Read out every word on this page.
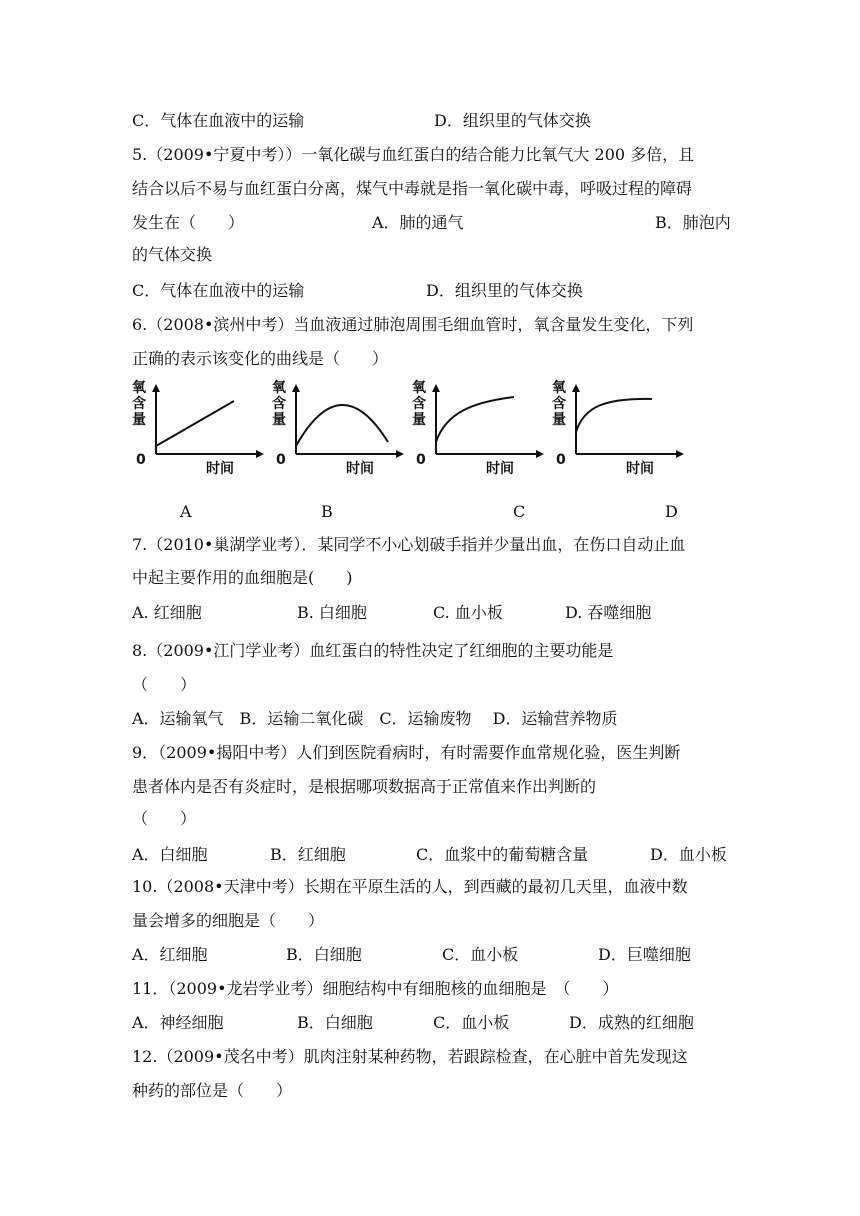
C．气体在血液中的运输	D．组织里的气体交换
5.（2009•宁夏中考））一氧化碳与血红蛋白的结合能力比氧气大 200 多倍，且
结合以后不易与血红蛋白分离，煤气中毒就是指一氧化碳中毒，呼吸过程的障碍
发生在（　　）	A．肺的通气	B．肺泡内
的气体交换
C．气体在血液中的运输	D．组织里的气体交换
6.（2008•滨州中考）当血液通过肺泡周围毛细血管时，氧含量发生变化，下列
正确的表示该变化的曲线是（　　）
氧含量
0
时间
氧含量
0
时间
氧含量
0
时间
氧含量
0
时间
A	B	C	D
7.（2010•巢湖学业考）．某同学不小心划破手指并少量出血，在伤口自动止血
中起主要作用的血细胞是(　　)
A. 红细胞	B. 白细胞	C. 血小板	D. 吞噬细胞
8.（2009•江门学业考）血红蛋白的特性决定了红细胞的主要功能是
（　　）
A．运输氧气　B．运输二氧化碳　C．运输废物　 D．运输营养物质
9．（2009•揭阳中考）人们到医院看病时，有时需要作血常规化验，医生判断
患者体内是否有炎症时，是根据哪项数据高于正常值来作出判断的
（　　）
A．白细胞	B．红细胞	C．血浆中的葡萄糖含量	D．血小板
10.（2008•天津中考）长期在平原生活的人，到西藏的最初几天里，血液中数
量会增多的细胞是（　　）
A．红细胞	B．白细胞	C．血小板	D．巨噬细胞
11．（2009•龙岩学业考）细胞结构中有细胞核的血细胞是　（　　）
A．神经细胞	B．白细胞	C．血小板	D．成熟的红细胞
12.（2009•茂名中考）肌肉注射某种药物，若跟踪检查，在心脏中首先发现这
种药的部位是（　　）
